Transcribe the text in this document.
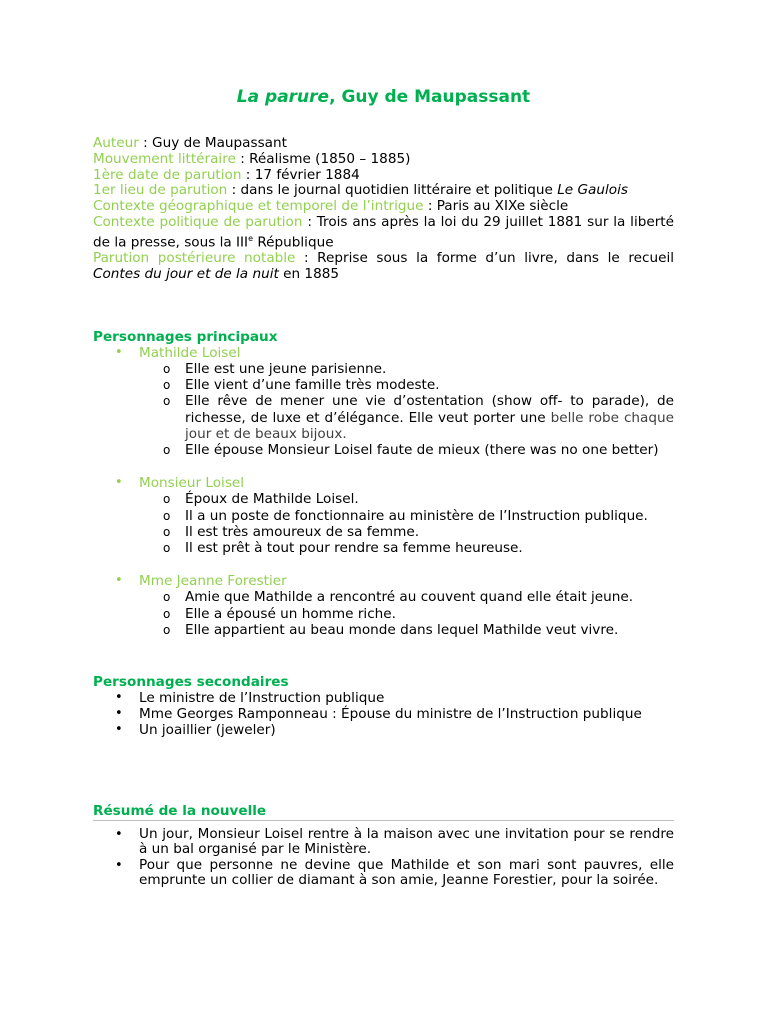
La parure, Guy de Maupassant
Auteur : Guy de Maupassant
Mouvement littéraire : Réalisme (1850 – 1885)
1ère date de parution : 17 février 1884
1er lieu de parution : dans le journal quotidien littéraire et politique Le Gaulois
Contexte géographique et temporel de l’intrigue : Paris au XIXe siècle
Contexte politique de parution : Trois ans après la loi du 29 juillet 1881 sur la liberté de la presse, sous la IIIe République
Parution postérieure notable : Reprise sous la forme d’un livre, dans le recueil Contes du jour et de la nuit en 1885
Personnages principaux
• Mathilde Loisel
o Elle est une jeune parisienne.
o Elle vient d’une famille très modeste.
o Elle rêve de mener une vie d’ostentation (show off- to parade), de richesse, de luxe et d’élégance. Elle veut porter une belle robe chaque jour et de beaux bijoux.
o Elle épouse Monsieur Loisel faute de mieux (there was no one better)
• Monsieur Loisel
o Époux de Mathilde Loisel.
o Il a un poste de fonctionnaire au ministère de l’Instruction publique.
o Il est très amoureux de sa femme.
o Il est prêt à tout pour rendre sa femme heureuse.
• Mme Jeanne Forestier
o Amie que Mathilde a rencontré au couvent quand elle était jeune.
o Elle a épousé un homme riche.
o Elle appartient au beau monde dans lequel Mathilde veut vivre.
Personnages secondaires
• Le ministre de l’Instruction publique
• Mme Georges Ramponneau : Épouse du ministre de l’Instruction publique
• Un joaillier (jeweler)
Résumé de la nouvelle
• Un jour, Monsieur Loisel rentre à la maison avec une invitation pour se rendre à un bal organisé par le Ministère.
• Pour que personne ne devine que Mathilde et son mari sont pauvres, elle emprunte un collier de diamant à son amie, Jeanne Forestier, pour la soirée.
